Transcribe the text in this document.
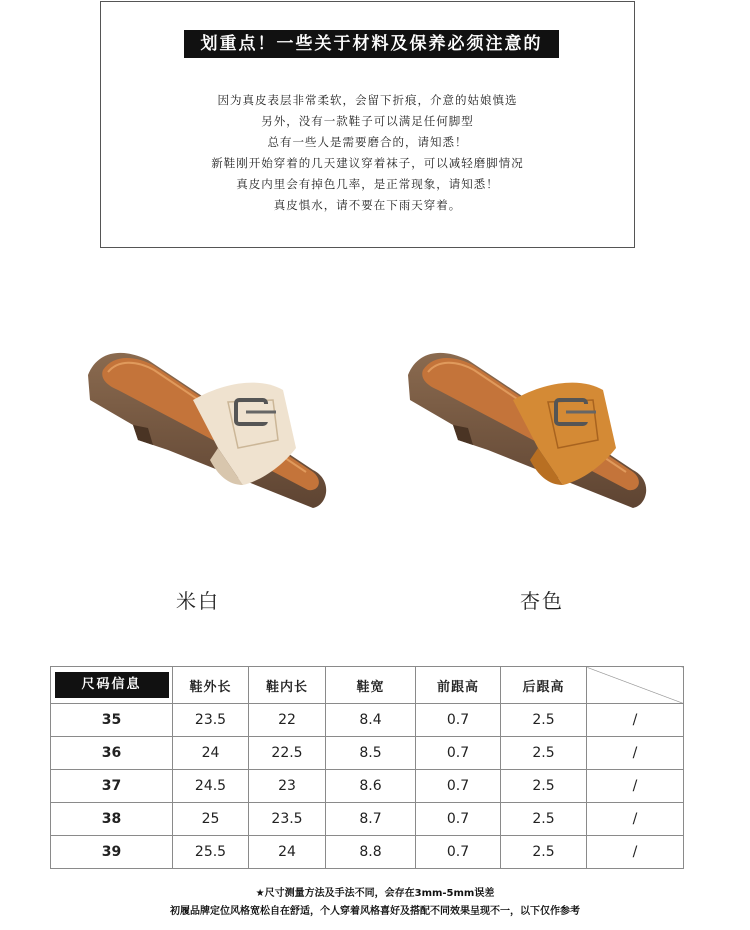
划重点！一些关于材料及保养必须注意的
因为真皮表层非常柔软，会留下折痕，介意的姑娘慎选
另外，没有一款鞋子可以满足任何脚型
总有一些人是需要磨合的，请知悉！
新鞋刚开始穿着的几天建议穿着袜子，可以减轻磨脚情况
真皮内里会有掉色几率，是正常现象，请知悉！
真皮惧水，请不要在下雨天穿着。
米白	杏色
尺码信息	鞋外长	鞋内长	鞋宽	前跟高	后跟高	
35	23.5	22	8.4	0.7	2.5	/
36	24	22.5	8.5	0.7	2.5	/
37	24.5	23	8.6	0.7	2.5	/
38	25	23.5	8.7	0.7	2.5	/
39	25.5	24	8.8	0.7	2.5	/
★尺寸测量方法及手法不同，会存在3mm-5mm误差
初履品牌定位风格宽松自在舒适，个人穿着风格喜好及搭配不同效果呈现不一，以下仅作参考
